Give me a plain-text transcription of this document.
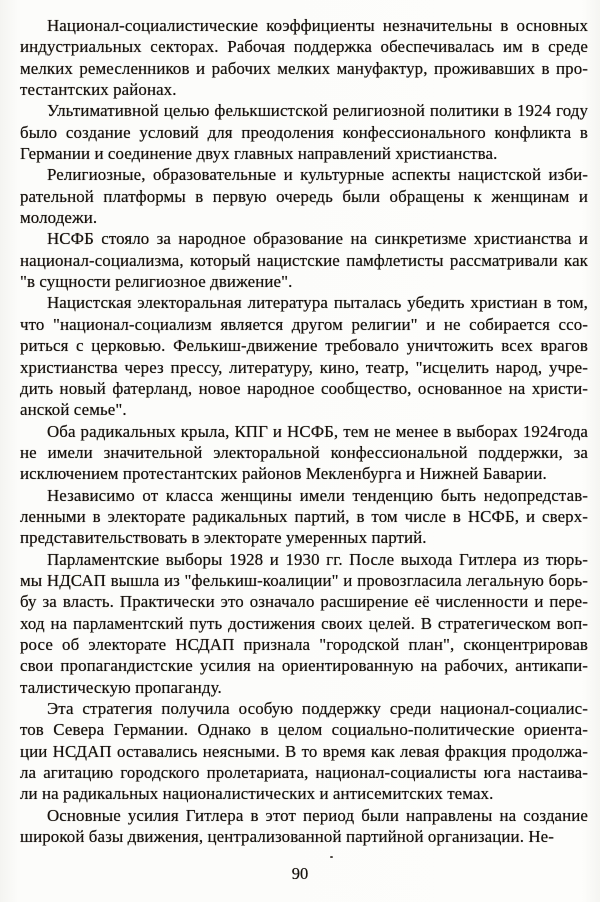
Национал-социалистические коэффициенты незначительны в основных
индустриальных секторах. Рабочая поддержка обеспечивалась им в среде
мелких ремесленников и рабочих мелких мануфактур, проживавших в про-
тестантских районах.

Ультимативной целью фелькшистской религиозной политики в 1924 году
было создание условий для преодоления конфессионального конфликта в
Германии и соединение двух главных направлений христианства.

Религиозные, образовательные и культурные аспекты нацистской изби-
рательной платформы в первую очередь были обращены к женщинам и
молодежи.

НСФБ стояло за народное образование на синкретизме христианства и
национал-социализма, который нацистские памфлетисты рассматривали как
"в сущности религиозное движение".

Нацистская электоральная литература пыталась убедить христиан в том,
что "национал-социализм является другом религии" и не собирается ссо-
риться с церковью. Фелькиш-движение требовало уничтожить всех врагов
христианства через прессу, литературу, кино, театр, "исцелить народ, учре-
дить новый фатерланд, новое народное сообщество, основанное на христи-
анской семье".

Оба радикальных крыла, КПГ и НСФБ, тем не менее в выборах 1924года
не имели значительной электоральной конфессиональной поддержки, за
исключением протестантских районов Мекленбурга и Нижней Баварии.

Независимо от класса женщины имели тенденцию быть недопредстав-
ленными в электорате радикальных партий, в том числе в НСФБ, и сверх-
представительствовать в электорате умеренных партий.

Парламентские выборы 1928 и 1930 гг. После выхода Гитлера из тюрь-
мы НДСАП вышла из "фелькиш-коалиции" и провозгласила легальную борь-
бу за власть. Практически это означало расширение её численности и пере-
ход на парламентский путь достижения своих целей. В стратегическом воп-
росе об электорате НСДАП признала "городской план", сконцентрировав
свои пропагандистские усилия на ориентированную на рабочих, антикапи-
талистическую пропаганду.

Эта стратегия получила особую поддержку среди национал-социалис-
тов Севера Германии. Однако в целом социально-политические ориента-
ции НСДАП оставались неясными. В то время как левая фракция продолжа-
ла агитацию городского пролетариата, национал-социалисты юга настаива-
ли на радикальных националистических и антисемитских темах.

Основные усилия Гитлера в этот период были направлены на создание
широкой базы движения, централизованной партийной организации. Не-

90
